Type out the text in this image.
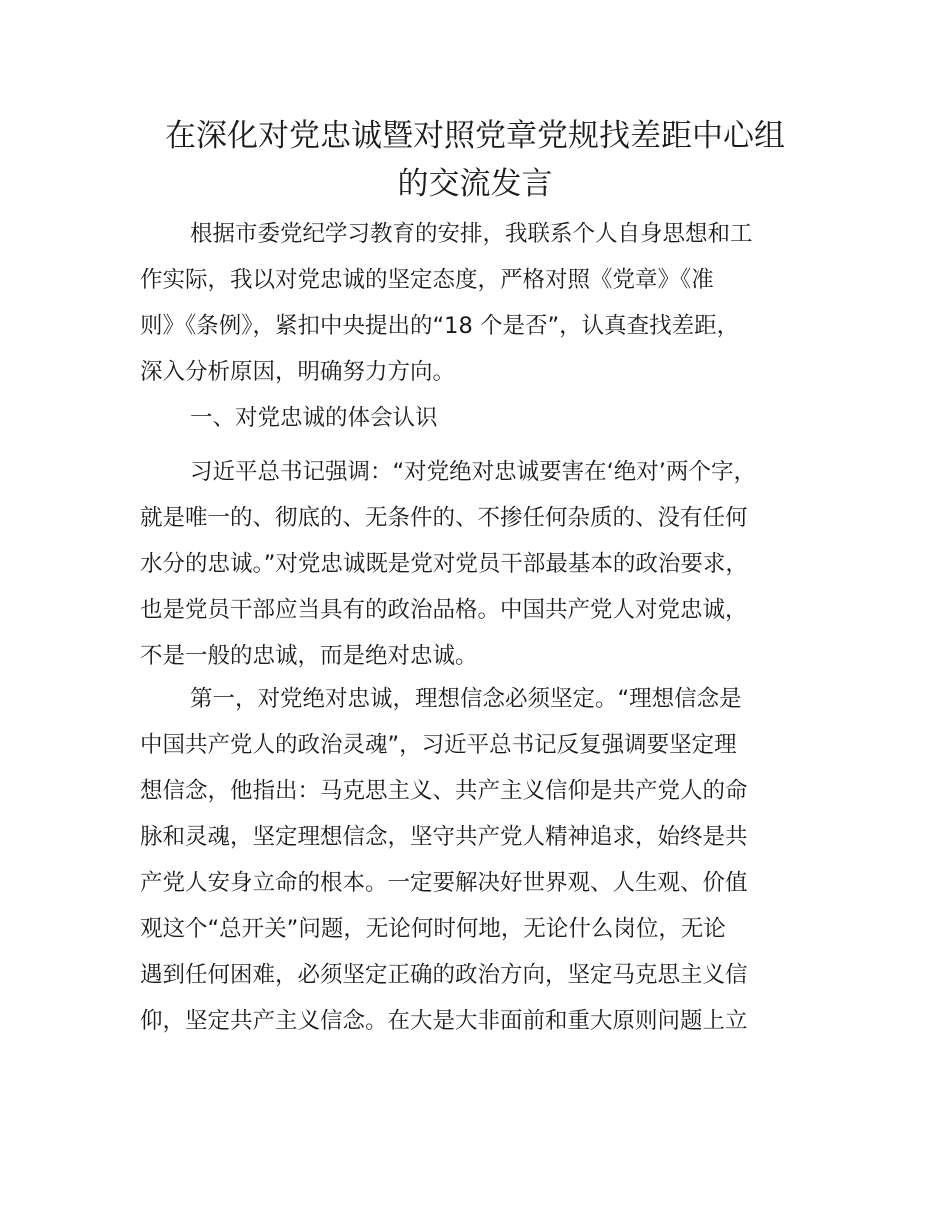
在深化对党忠诚暨对照党章党规找差距中心组
的交流发言
根据市委党纪学习教育的安排，我联系个人自身思想和工
作实际，我以对党忠诚的坚定态度，严格对照《党章》《准
则》《条例》，紧扣中央提出的“18 个是否”，认真查找差距，
深入分析原因，明确努力方向。
一、对党忠诚的体会认识
习近平总书记强调：“对党绝对忠诚要害在‘绝对’两个字，
就是唯一的、彻底的、无条件的、不掺任何杂质的、没有任何
水分的忠诚。”对党忠诚既是党对党员干部最基本的政治要求，
也是党员干部应当具有的政治品格。中国共产党人对党忠诚，
不是一般的忠诚，而是绝对忠诚。
第一，对党绝对忠诚，理想信念必须坚定。“理想信念是
中国共产党人的政治灵魂”，习近平总书记反复强调要坚定理
想信念，他指出：马克思主义、共产主义信仰是共产党人的命
脉和灵魂，坚定理想信念，坚守共产党人精神追求，始终是共
产党人安身立命的根本。一定要解决好世界观、人生观、价值
观这个“总开关”问题，无论何时何地，无论什么岗位，无论
遇到任何困难，必须坚定正确的政治方向，坚定马克思主义信
仰，坚定共产主义信念。在大是大非面前和重大原则问题上立
